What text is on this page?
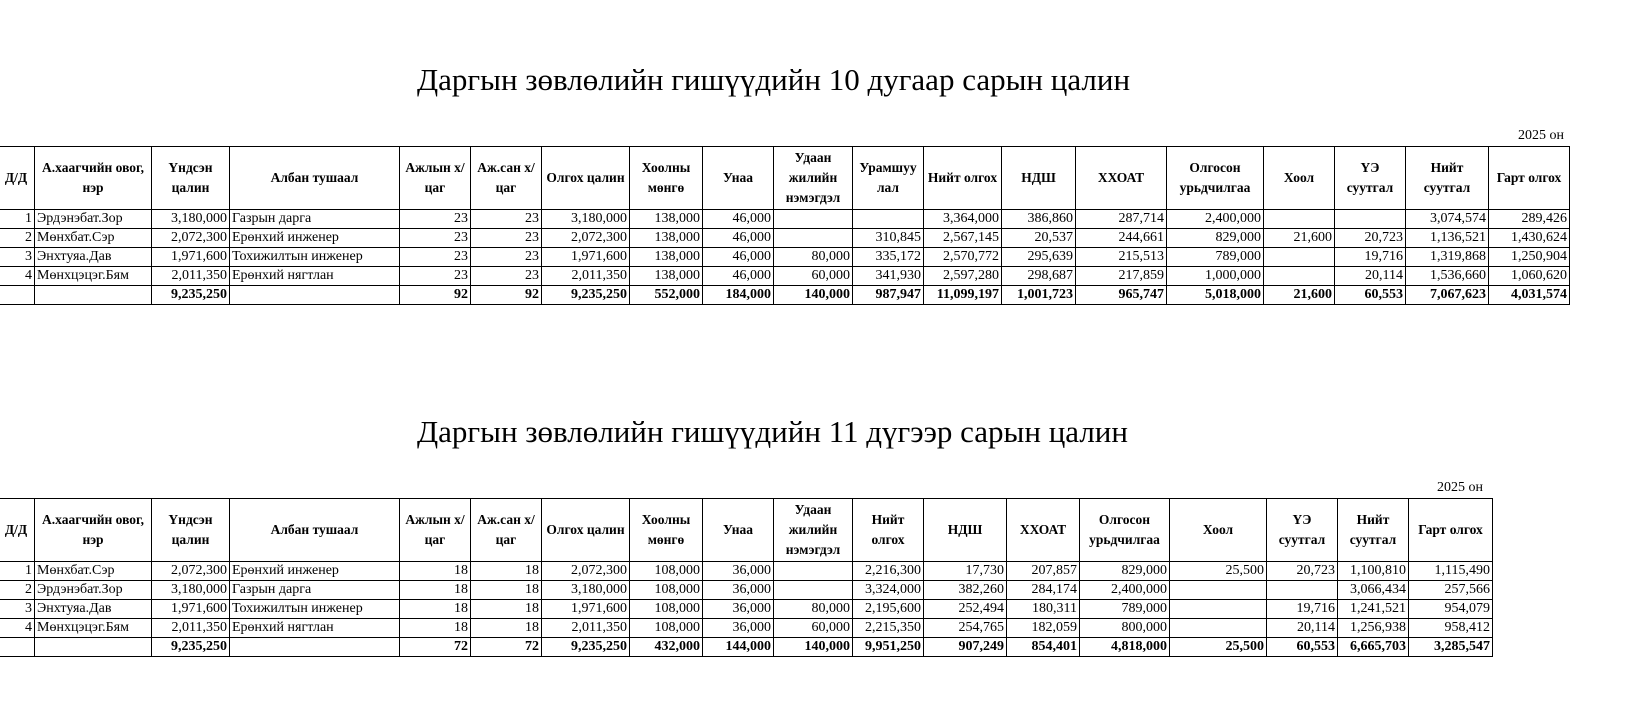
Даргын зөвлөлийн гишүүдийн 10 дугаар сарын цалин
2025 он
Д/Д	А.хаагчийн овог, нэр	Үндсэн цалин	Албан тушаал	Ажлын х/цаг	Аж.сан х/цаг	Олгох цалин	Хоолны мөнгө	Унаа	Удаан жилийн нэмэгдэл	Урамшуу лал	Нийт олгох	НДШ	ХХОАТ	Олгосон урьдчилгаа	Хоол	ҮЭ суутгал	Нийт суутгал	Гарт олгох
1	Эрдэнэбат.Зор	3,180,000	Газрын дарга	23	23	3,180,000	138,000	46,000			3,364,000	386,860	287,714	2,400,000			3,074,574	289,426
2	Мөнхбат.Сэр	2,072,300	Ерөнхий инженер	23	23	2,072,300	138,000	46,000		310,845	2,567,145	20,537	244,661	829,000	21,600	20,723	1,136,521	1,430,624
3	Энхтуяа.Дав	1,971,600	Тохижилтын инженер	23	23	1,971,600	138,000	46,000	80,000	335,172	2,570,772	295,639	215,513	789,000		19,716	1,319,868	1,250,904
4	Мөнхцэцэг.Бям	2,011,350	Ерөнхий нягтлан	23	23	2,011,350	138,000	46,000	60,000	341,930	2,597,280	298,687	217,859	1,000,000		20,114	1,536,660	1,060,620
		9,235,250		92	92	9,235,250	552,000	184,000	140,000	987,947	11,099,197	1,001,723	965,747	5,018,000	21,600	60,553	7,067,623	4,031,574
Даргын зөвлөлийн гишүүдийн 11 дүгээр сарын цалин
2025 он
Д/Д	А.хаагчийн овог, нэр	Үндсэн цалин	Албан тушаал	Ажлын х/цаг	Аж.сан х/цаг	Олгох цалин	Хоолны мөнгө	Унаа	Удаан жилийн нэмэгдэл	Нийт олгох	НДШ	ХХОАТ	Олгосон урьдчилгаа	Хоол	ҮЭ суутгал	Нийт суутгал	Гарт олгох
1	Мөнхбат.Сэр	2,072,300	Ерөнхий инженер	18	18	2,072,300	108,000	36,000		2,216,300	17,730	207,857	829,000	25,500	20,723	1,100,810	1,115,490
2	Эрдэнэбат.Зор	3,180,000	Газрын дарга	18	18	3,180,000	108,000	36,000		3,324,000	382,260	284,174	2,400,000			3,066,434	257,566
3	Энхтуяа.Дав	1,971,600	Тохижилтын инженер	18	18	1,971,600	108,000	36,000	80,000	2,195,600	252,494	180,311	789,000		19,716	1,241,521	954,079
4	Мөнхцэцэг.Бям	2,011,350	Ерөнхий нягтлан	18	18	2,011,350	108,000	36,000	60,000	2,215,350	254,765	182,059	800,000		20,114	1,256,938	958,412
		9,235,250		72	72	9,235,250	432,000	144,000	140,000	9,951,250	907,249	854,401	4,818,000	25,500	60,553	6,665,703	3,285,547
